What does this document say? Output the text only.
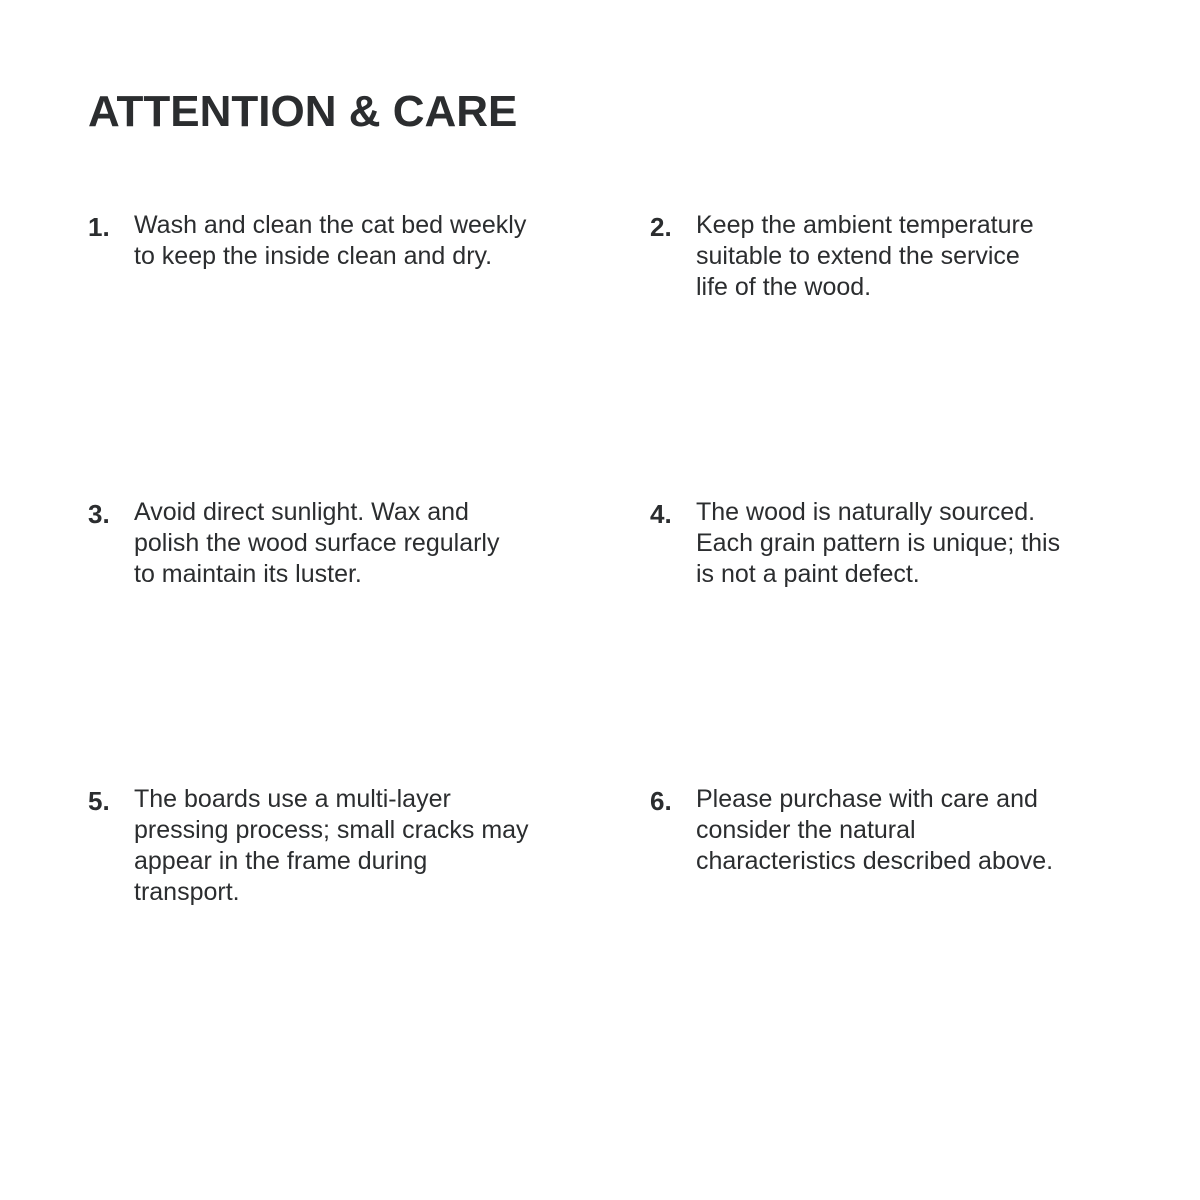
ATTENTION & CARE
1. Wash and clean the cat bed weekly
to keep the inside clean and dry.
2. Keep the ambient temperature
suitable to extend the service
life of the wood.
3. Avoid direct sunlight. Wax and
polish the wood surface regularly
to maintain its luster.
4. The wood is naturally sourced.
Each grain pattern is unique; this
is not a paint defect.
5. The boards use a multi-layer
pressing process; small cracks may
appear in the frame during
transport.
6. Please purchase with care and
consider the natural
characteristics described above.
